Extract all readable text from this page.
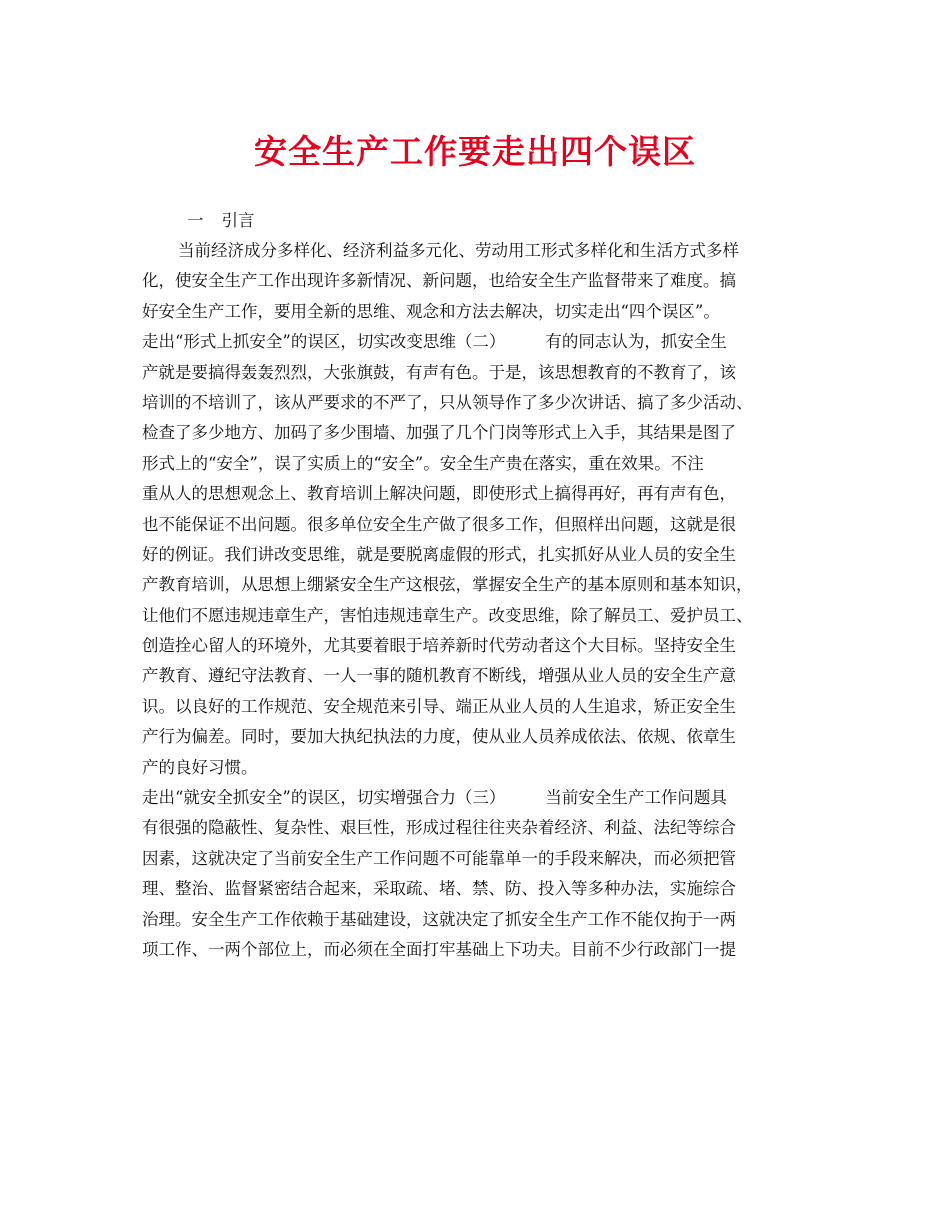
安全生产工作要走出四个误区
一 引言

当前经济成分多样化、经济利益多元化、劳动用工形式多样化和生活方式多样
化，使安全生产工作出现许多新情况、新问题，也给安全生产监督带来了难度。搞
好安全生产工作，要用全新的思维、观念和方法去解决，切实走出“四个误区”。

走出“形式上抓安全”的误区，切实改变思维（二） 有的同志认为，抓安全生
产就是要搞得轰轰烈烈，大张旗鼓，有声有色。于是，该思想教育的不教育了，该
培训的不培训了，该从严要求的不严了，只从领导作了多少次讲话、搞了多少活动、
检查了多少地方、加码了多少围墙、加强了几个门岗等形式上入手，其结果是图了
形式上的“安全”，误了实质上的“安全”。安全生产贵在落实，重在效果。不注
重从人的思想观念上、教育培训上解决问题，即使形式上搞得再好，再有声有色，
也不能保证不出问题。很多单位安全生产做了很多工作，但照样出问题，这就是很
好的例证。我们讲改变思维，就是要脱离虚假的形式，扎实抓好从业人员的安全生
产教育培训，从思想上绷紧安全生产这根弦，掌握安全生产的基本原则和基本知识，
让他们不愿违规违章生产，害怕违规违章生产。改变思维，除了解员工、爱护员工、
创造拴心留人的环境外，尤其要着眼于培养新时代劳动者这个大目标。坚持安全生
产教育、遵纪守法教育、一人一事的随机教育不断线，增强从业人员的安全生产意
识。以良好的工作规范、安全规范来引导、端正从业人员的人生追求，矫正安全生
产行为偏差。同时，要加大执纪执法的力度，使从业人员养成依法、依规、依章生
产的良好习惯。

走出“就安全抓安全”的误区，切实增强合力（三） 当前安全生产工作问题具
有很强的隐蔽性、复杂性、艰巨性，形成过程往往夹杂着经济、利益、法纪等综合
因素，这就决定了当前安全生产工作问题不可能靠单一的手段来解决，而必须把管
理、整治、监督紧密结合起来，采取疏、堵、禁、防、投入等多种办法，实施综合
治理。安全生产工作依赖于基础建设，这就决定了抓安全生产工作不能仅拘于一两
项工作、一两个部位上，而必须在全面打牢基础上下功夫。目前不少行政部门一提
